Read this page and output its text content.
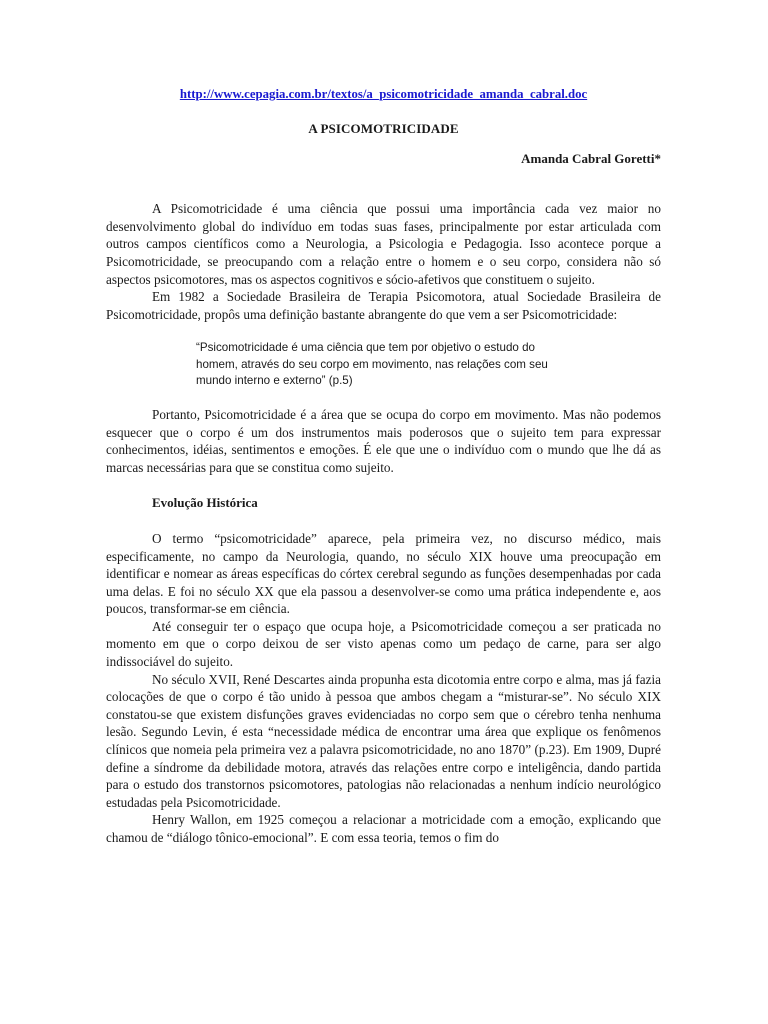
http://www.cepagia.com.br/textos/a_psicomotricidade_amanda_cabral.doc

A PSICOMOTRICIDADE

Amanda Cabral Goretti*

A Psicomotricidade é uma ciência que possui uma importância cada vez maior no desenvolvimento global do indivíduo em todas suas fases, principalmente por estar articulada com outros campos científicos como a Neurologia, a Psicologia e Pedagogia. Isso acontece porque a Psicomotricidade, se preocupando com a relação entre o homem e o seu corpo, considera não só aspectos psicomotores, mas os aspectos cognitivos e sócio-afetivos que constituem o sujeito.

Em 1982 a Sociedade Brasileira de Terapia Psicomotora, atual Sociedade Brasileira de Psicomotricidade, propôs uma definição bastante abrangente do que vem a ser Psicomotricidade:

“Psicomotricidade é uma ciência que tem por objetivo o estudo do homem, através do seu corpo em movimento, nas relações com seu mundo interno e externo” (p.5)

Portanto, Psicomotricidade é a área que se ocupa do corpo em movimento. Mas não podemos esquecer que o corpo é um dos instrumentos mais poderosos que o sujeito tem para expressar conhecimentos, idéias, sentimentos e emoções. É ele que une o indivíduo com o mundo que lhe dá as marcas necessárias para que se constitua como sujeito.

Evolução Histórica

O termo “psicomotricidade” aparece, pela primeira vez, no discurso médico, mais especificamente, no campo da Neurologia, quando, no século XIX houve uma preocupação em identificar e nomear as áreas específicas do córtex cerebral segundo as funções desempenhadas por cada uma delas. E foi no século XX que ela passou a desenvolver-se como uma prática independente e, aos poucos, transformar-se em ciência.

Até conseguir ter o espaço que ocupa hoje, a Psicomotricidade começou a ser praticada no momento em que o corpo deixou de ser visto apenas como um pedaço de carne, para ser algo indissociável do sujeito.

No século XVII, René Descartes ainda propunha esta dicotomia entre corpo e alma, mas já fazia colocações de que o corpo é tão unido à pessoa que ambos chegam a “misturar-se”. No século XIX constatou-se que existem disfunções graves evidenciadas no corpo sem que o cérebro tenha nenhuma lesão. Segundo Levin, é esta “necessidade médica de encontrar uma área que explique os fenômenos clínicos que nomeia pela primeira vez a palavra psicomotricidade, no ano 1870” (p.23). Em 1909, Dupré define a síndrome da debilidade motora, através das relações entre corpo e inteligência, dando partida para o estudo dos transtornos psicomotores, patologias não relacionadas a nenhum indício neurológico estudadas pela Psicomotricidade.

Henry Wallon, em 1925 começou a relacionar a motricidade com a emoção, explicando que chamou de “diálogo tônico-emocional”. E com essa teoria, temos o fim do
